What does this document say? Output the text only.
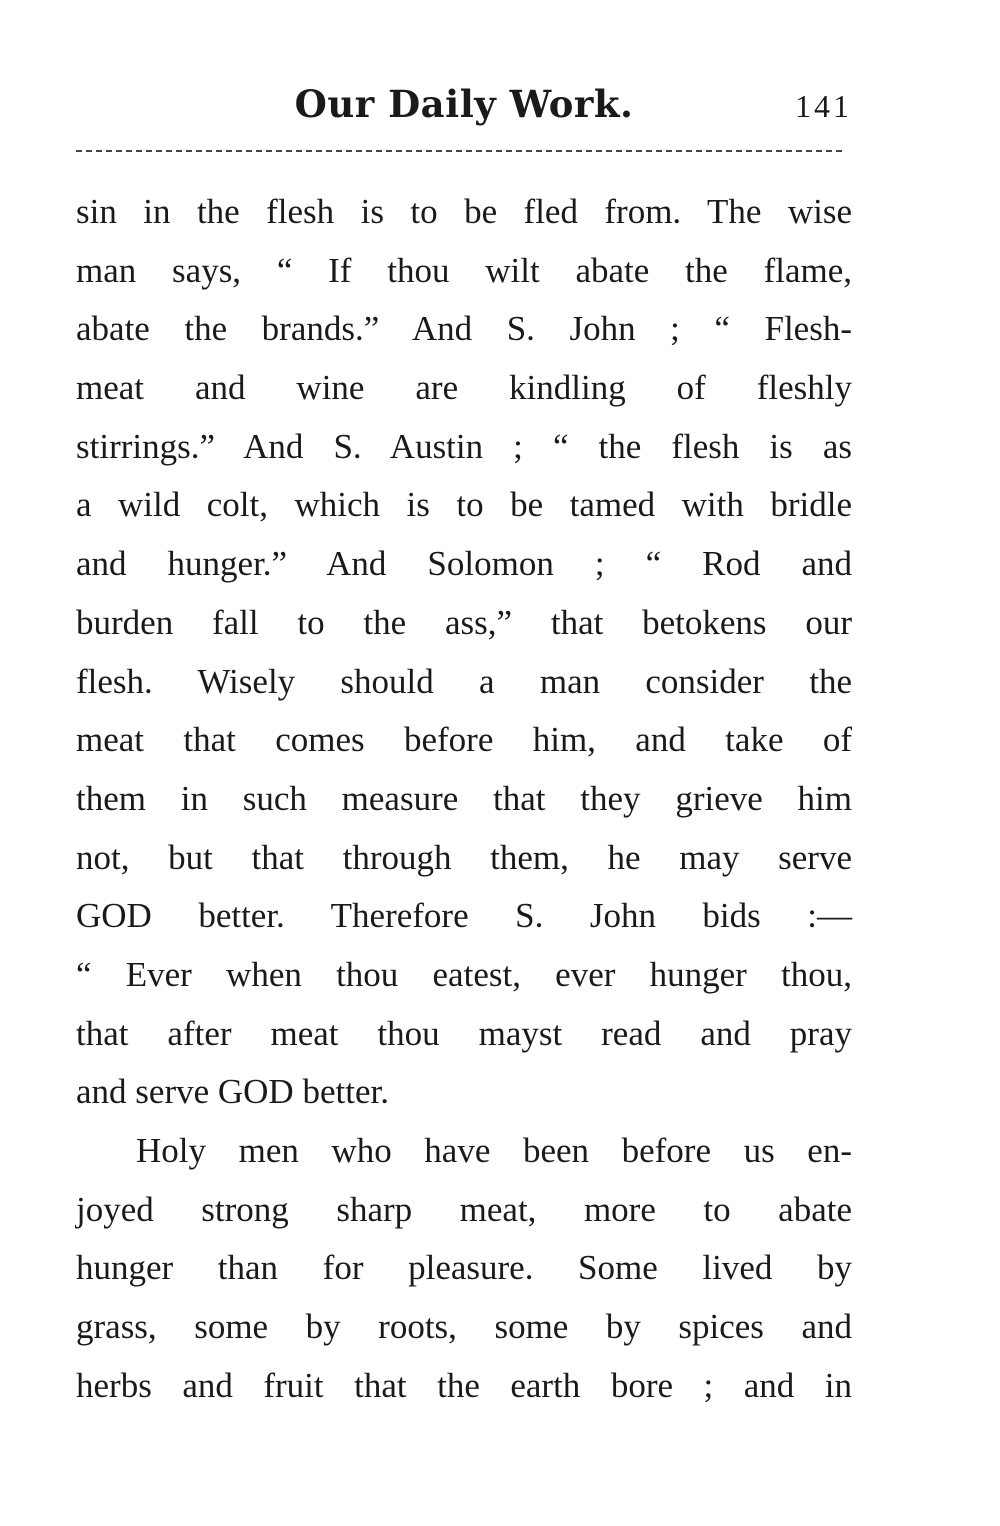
Our Daily Work.	141
sin in the flesh is to be fled from. The wise
man says, “ If thou wilt abate the flame,
abate the brands.” And S. John ; “ Flesh-
meat and wine are kindling of fleshly
stirrings.” And S. Austin ; “ the flesh is as
a wild colt, which is to be tamed with bridle
and hunger.” And Solomon ; “ Rod and
burden fall to the ass,” that betokens our
flesh. Wisely should a man consider the
meat that comes before him, and take of
them in such measure that they grieve him
not, but that through them, he may serve
GOD better. Therefore S. John bids :—
“ Ever when thou eatest, ever hunger thou,
that after meat thou mayst read and pray
and serve GOD better.
Holy men who have been before us en-
joyed strong sharp meat, more to abate
hunger than for pleasure. Some lived by
grass, some by roots, some by spices and
herbs and fruit that the earth bore ; and in
